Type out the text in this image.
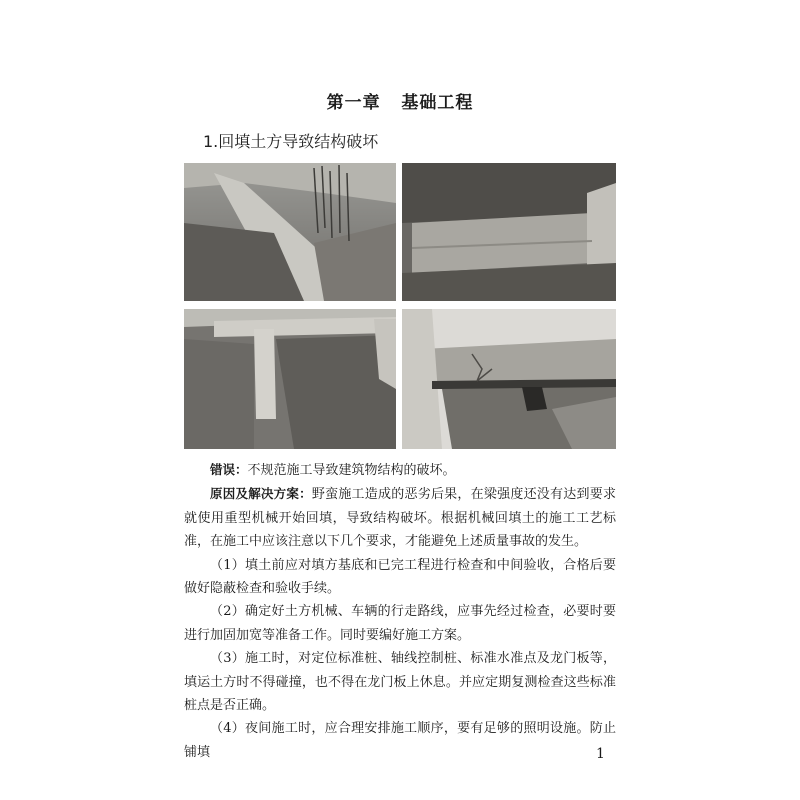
第一章   基础工程
1.回填土方导致结构破坏

错误：不规范施工导致建筑物结构的破坏。

原因及解决方案：野蛮施工造成的恶劣后果，在梁强度还没有达到要求就使用重型机械开始回填，导致结构破坏。根据机械回填土的施工工艺标准，在施工中应该注意以下几个要求，才能避免上述质量事故的发生。

（1）填土前应对填方基底和已完工程进行检查和中间验收，合格后要做好隐蔽检查和验收手续。

（2）确定好土方机械、车辆的行走路线，应事先经过检查，必要时要进行加固加宽等准备工作。同时要编好施工方案。

（3）施工时，对定位标准桩、轴线控制桩、标准水准点及龙门板等，填运土方时不得碰撞，也不得在龙门板上休息。并应定期复测检查这些标准桩点是否正确。

（4）夜间施工时，应合理安排施工顺序，要有足够的照明设施。防止铺填	1
